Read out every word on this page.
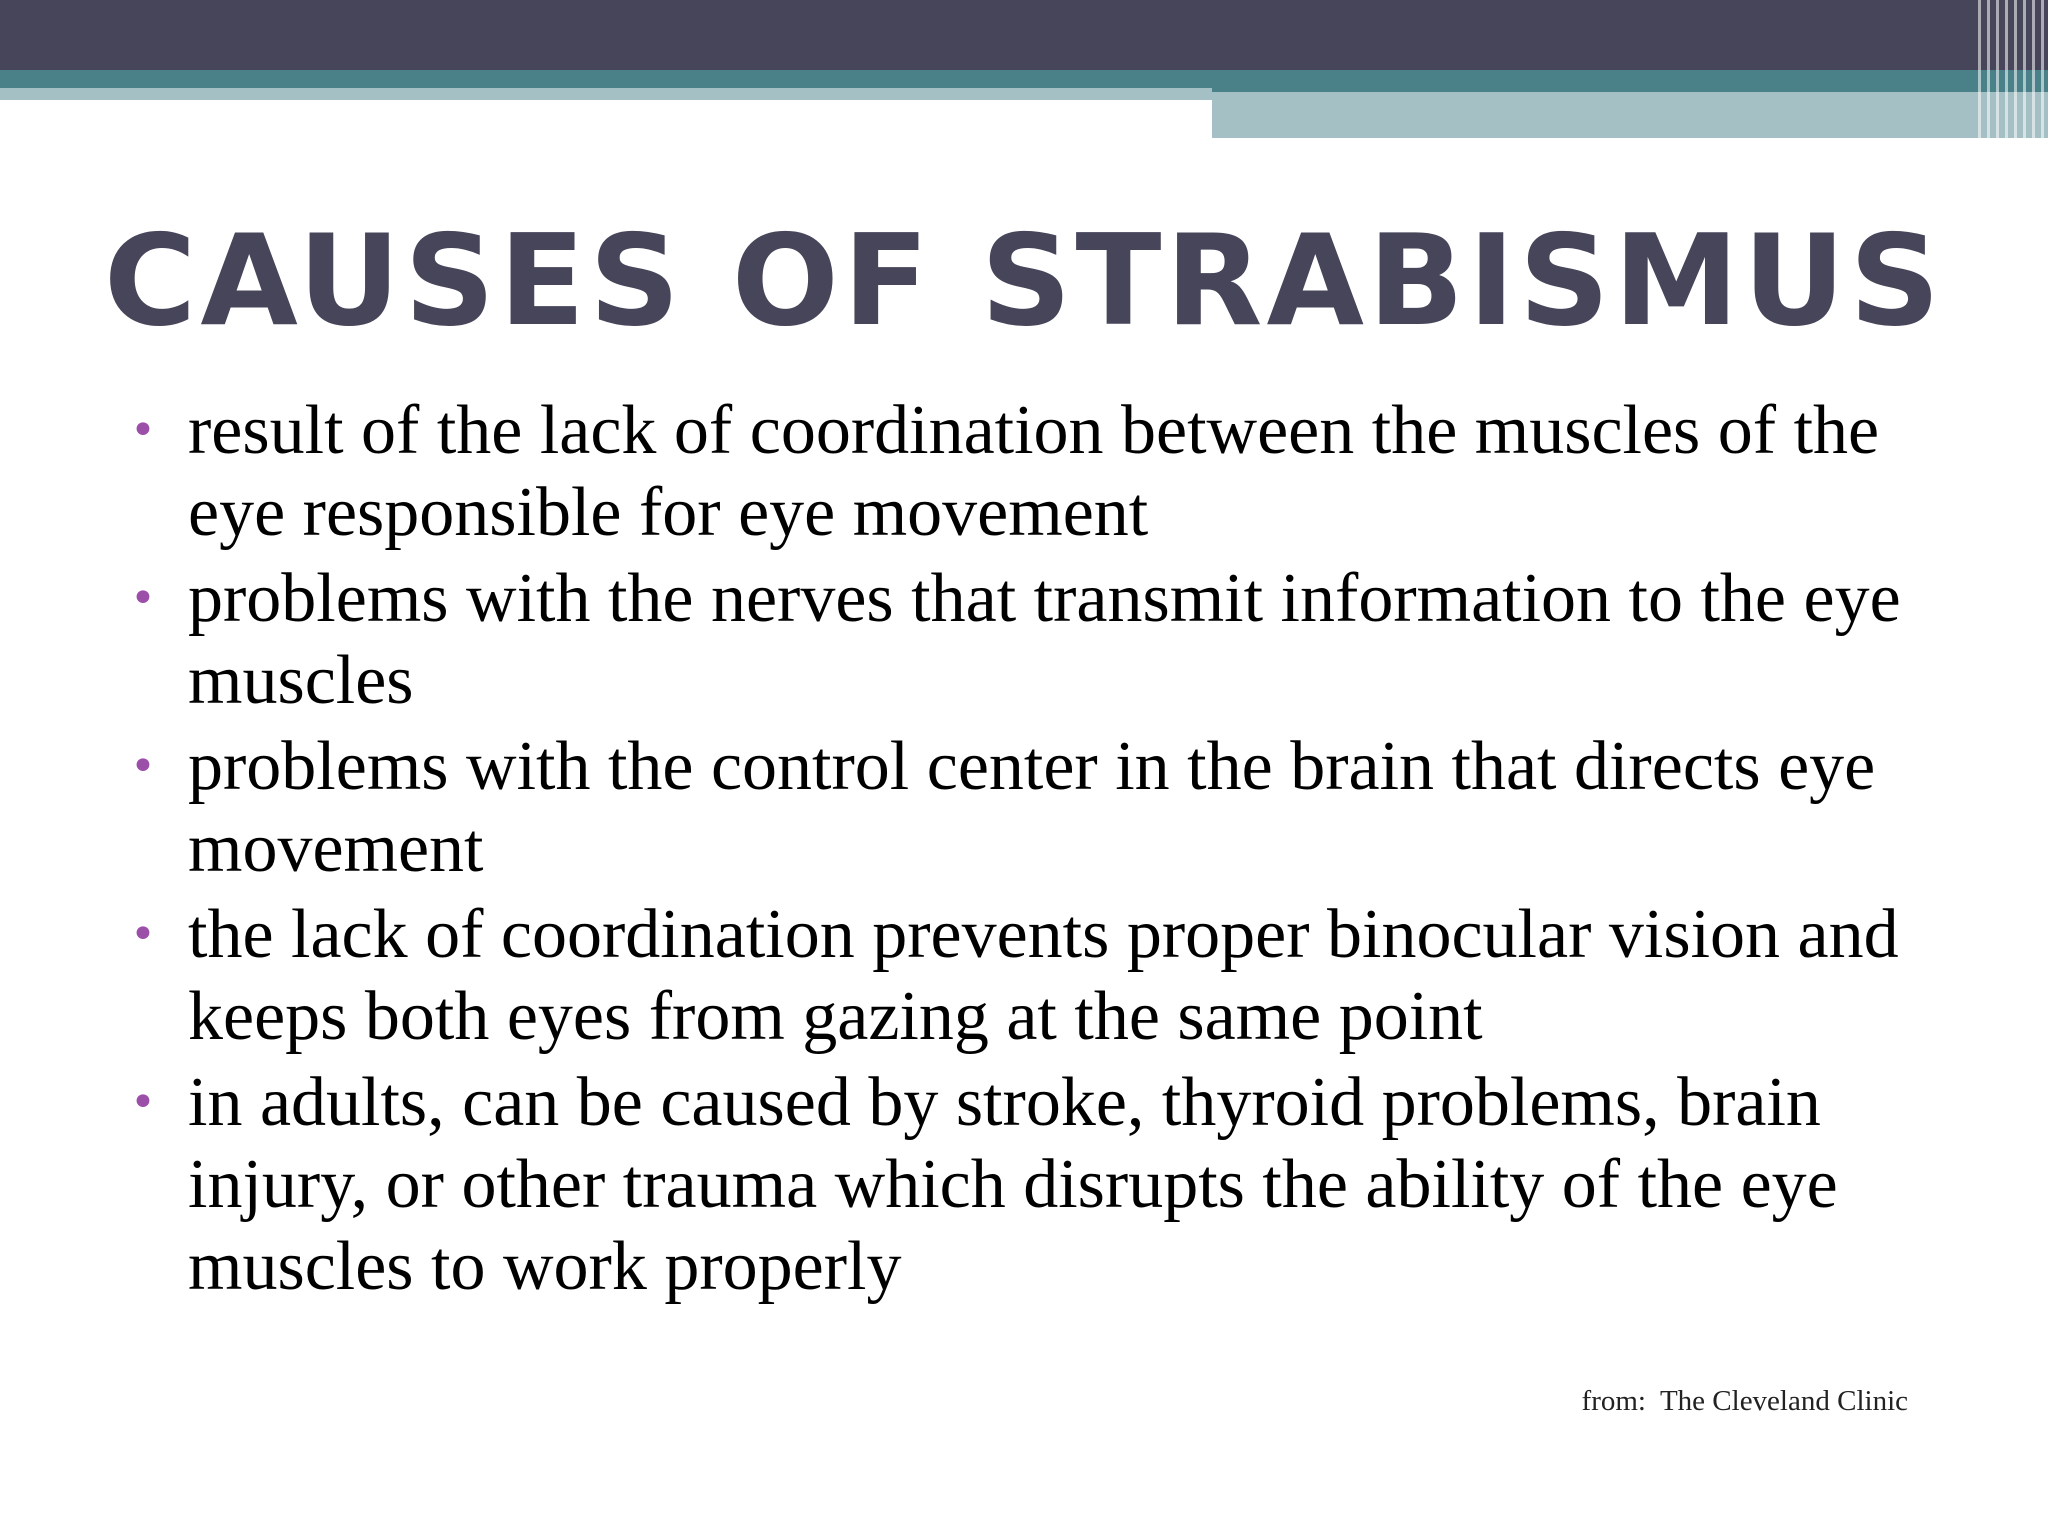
CAUSES OF STRABISMUS
• result of the lack of coordination between the muscles of the eye responsible for eye movement
• problems with the nerves that transmit information to the eye muscles
• problems with the control center in the brain that directs eye movement
• the lack of coordination prevents proper binocular vision and keeps both eyes from gazing at the same point
• in adults, can be caused by stroke, thyroid problems, brain injury, or other trauma which disrupts the ability of the eye muscles to work properly
from:  The Cleveland Clinic
